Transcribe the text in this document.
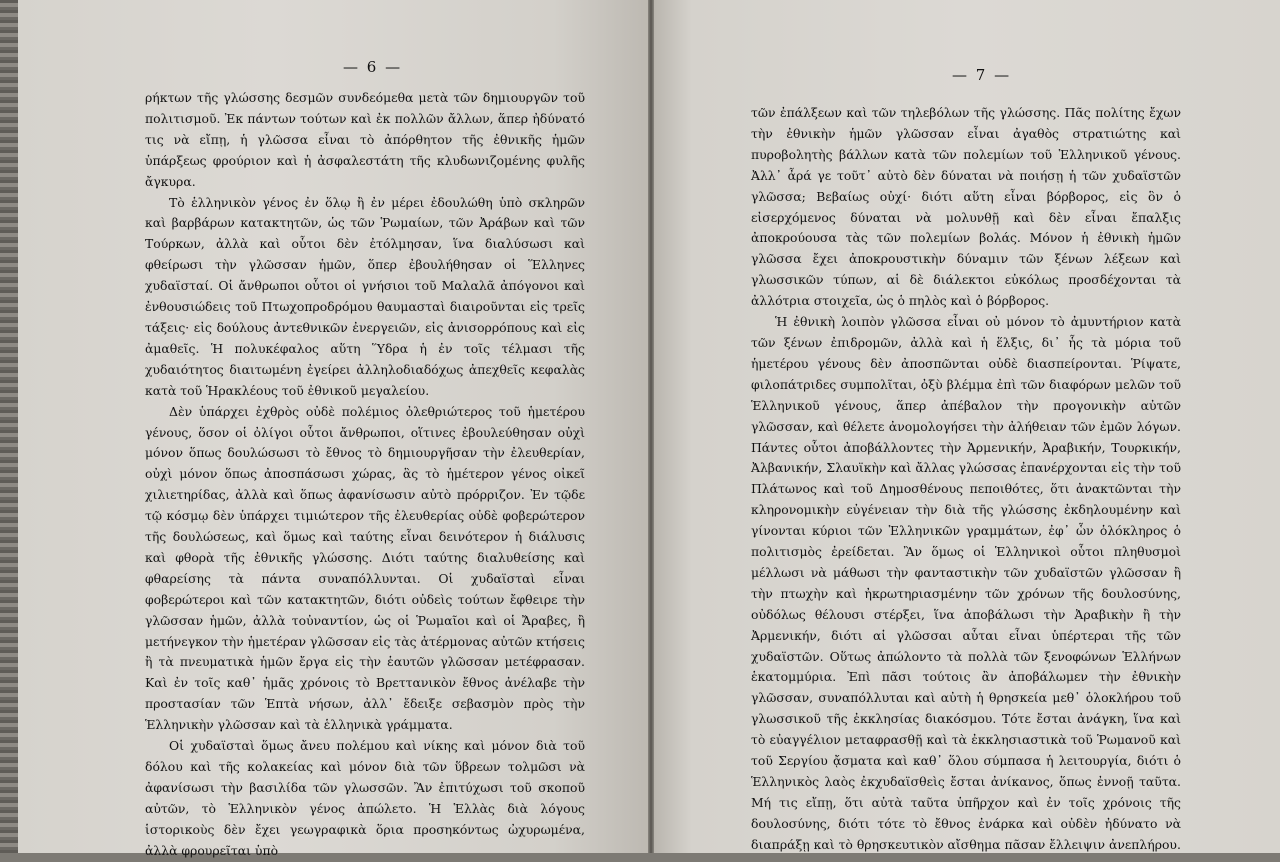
— 6 —

ρήκτων τῆς γλώσσης δεσμῶν συνδεόμεθα μετὰ τῶν δημιουργῶν τοῦ πολιτισμοῦ. Ἐκ πάντων τούτων καὶ ἐκ πολλῶν ἄλλων, ἅπερ ἠδύνατό τις νὰ εἴπῃ, ἡ γλῶσσα εἶναι τὸ ἀπόρθητον τῆς ἐθνικῆς ἡμῶν ὑπάρξεως φρούριον καὶ ἡ ἀσφαλεστάτη τῆς κλυδωνιζομένης φυλῆς ἄγκυρα.

Τὸ ἑλληνικὸν γένος ἐν ὅλῳ ἢ ἐν μέρει ἐδουλώθη ὑπὸ σκληρῶν καὶ βαρβάρων κατακτητῶν, ὡς τῶν Ῥωμαίων, τῶν Ἀράβων καὶ τῶν Τούρκων, ἀλλὰ καὶ οὗτοι δὲν ἐτόλμησαν, ἵνα διαλύσωσι καὶ φθείρωσι τὴν γλῶσσαν ἡμῶν, ὅπερ ἐβουλήθησαν οἱ Ἕλληνες χυδαϊσταί. Οἱ ἄνθρωποι οὗτοι οἱ γνήσιοι τοῦ Μαλαλᾶ ἀπόγονοι καὶ ἐνθουσιώδεις τοῦ Πτωχοπροδρόμου θαυμασταὶ διαιροῦνται εἰς τρεῖς τάξεις· εἰς δούλους ἀντεθνικῶν ἐνεργειῶν, εἰς ἀνισορρόπους καὶ εἰς ἀμαθεῖς. Ἡ πολυκέφαλος αὕτη Ὕδρα ἡ ἐν τοῖς τέλμασι τῆς χυδαιότητος διαιτωμένη ἐγείρει ἀλληλοδιαδόχως ἀπεχθεῖς κεφαλὰς κατὰ τοῦ Ἡρακλέους τοῦ ἐθνικοῦ μεγαλείου.

Δὲν ὑπάρχει ἐχθρὸς οὐδὲ πολέμιος ὀλεθριώτερος τοῦ ἡμετέρου γένους, ὅσον οἱ ὀλίγοι οὗτοι ἄνθρωποι, οἵτινες ἐβουλεύθησαν οὐχὶ μόνον ὅπως δουλώσωσι τὸ ἔθνος τὸ δημιουργῆσαν τὴν ἐλευθερίαν, οὐχὶ μόνον ὅπως ἀποσπάσωσι χώρας, ἃς τὸ ἡμέτερον γένος οἰκεῖ χιλιετηρίδας, ἀλλὰ καὶ ὅπως ἀφανίσωσιν αὐτὸ πρόρριζον. Ἐν τῷδε τῷ κόσμῳ δὲν ὑπάρχει τιμιώτερον τῆς ἐλευθερίας οὐδὲ φοβερώτερον τῆς δουλώσεως, καὶ ὅμως καὶ ταύτης εἶναι δεινότερον ἡ διάλυσις καὶ φθορὰ τῆς ἐθνικῆς γλώσσης. Διότι ταύτης διαλυθείσης καὶ φθαρείσης τὰ πάντα συναπόλλυνται. Οἱ χυδαϊσταὶ εἶναι φοβερώτεροι καὶ τῶν κατακτητῶν, διότι οὐδεὶς τούτων ἔφθειρε τὴν γλῶσσαν ἡμῶν, ἀλλὰ τοὐναντίον, ὡς οἱ Ῥωμαῖοι καὶ οἱ Ἄραβες, ἢ μετήνεγκον τὴν ἡμετέραν γλῶσσαν εἰς τὰς ἀτέρμονας αὐτῶν κτήσεις ἢ τὰ πνευματικὰ ἡμῶν ἔργα εἰς τὴν ἑαυτῶν γλῶσσαν μετέφρασαν. Καὶ ἐν τοῖς καθ᾽ ἡμᾶς χρόνοις τὸ Βρεττανικὸν ἔθνος ἀνέλαβε τὴν προστασίαν τῶν Ἑπτὰ νήσων, ἀλλ᾽ ἔδειξε σεβασμὸν πρὸς τὴν Ἑλληνικὴν γλῶσσαν καὶ τὰ ἑλληνικὰ γράμματα.

Οἱ χυδαϊσταὶ ὅμως ἄνευ πολέμου καὶ νίκης καὶ μόνον διὰ τοῦ δόλου καὶ τῆς κολακείας καὶ μόνον διὰ τῶν ὕβρεων τολμῶσι νὰ ἀφανίσωσι τὴν βασιλίδα τῶν γλωσσῶν. Ἂν ἐπιτύχωσι τοῦ σκοποῦ αὐτῶν, τὸ Ἑλληνικὸν γένος ἀπώλετο. Ἡ Ἑλλὰς διὰ λόγους ἱστορικοὺς δὲν ἔχει γεωγραφικὰ ὅρια προσηκόντως ὠχυρωμένα, ἀλλὰ φρουρεῖται ὑπὸ

— 7 —

τῶν ἐπάλξεων καὶ τῶν τηλεβόλων τῆς γλώσσης. Πᾶς πολίτης ἔχων τὴν ἐθνικὴν ἡμῶν γλῶσσαν εἶναι ἀγαθὸς στρατιώτης καὶ πυροβολητὴς βάλλων κατὰ τῶν πολεμίων τοῦ Ἑλληνικοῦ γένους. Ἀλλ᾽ ἆρά γε τοῦτ᾽ αὐτὸ δὲν δύναται νὰ ποιήσῃ ἡ τῶν χυδαϊστῶν γλῶσσα; Βεβαίως οὐχί· διότι αὕτη εἶναι βόρβορος, εἰς ὃν ὁ εἰσερχόμενος δύναται νὰ μολυνθῇ καὶ δὲν εἶναι ἔπαλξις ἀποκρούουσα τὰς τῶν πολεμίων βολάς. Μόνον ἡ ἐθνικὴ ἡμῶν γλῶσσα ἔχει ἀποκρουστικὴν δύναμιν τῶν ξένων λέξεων καὶ γλωσσικῶν τύπων, αἱ δὲ διάλεκτοι εὐκόλως προσδέχονται τὰ ἀλλότρια στοιχεῖα, ὡς ὁ πηλὸς καὶ ὁ βόρβορος.

Ἡ ἐθνικὴ λοιπὸν γλῶσσα εἶναι οὐ μόνον τὸ ἀμυντήριον κατὰ τῶν ξένων ἐπιδρομῶν, ἀλλὰ καὶ ἡ ἕλξις, δι᾽ ἧς τὰ μόρια τοῦ ἡμετέρου γένους δὲν ἀποσπῶνται οὐδὲ διασπείρονται. Ῥίψατε, φιλοπάτριδες συμπολῖται, ὀξὺ βλέμμα ἐπὶ τῶν διαφόρων μελῶν τοῦ Ἑλληνικοῦ γένους, ἅπερ ἀπέβαλον τὴν προγονικὴν αὐτῶν γλῶσσαν, καὶ θέλετε ἀνομολογήσει τὴν ἀλήθειαν τῶν ἐμῶν λόγων. Πάντες οὗτοι ἀποβάλλοντες τὴν Ἀρμενικήν, Ἀραβικήν, Τουρκικήν, Ἀλβανικήν, Σλαυϊκὴν καὶ ἄλλας γλώσσας ἐπανέρχονται εἰς τὴν τοῦ Πλάτωνος καὶ τοῦ Δημοσθένους πεποιθότες, ὅτι ἀνακτῶνται τὴν κληρονομικὴν εὐγένειαν τὴν διὰ τῆς γλώσσης ἐκδηλουμένην καὶ γίνονται κύριοι τῶν Ἑλληνικῶν γραμμάτων, ἐφ᾽ ὧν ὁλόκληρος ὁ πολιτισμὸς ἐρείδεται. Ἂν ὅμως οἱ Ἑλληνικοὶ οὗτοι πληθυσμοὶ μέλλωσι νὰ μάθωσι τὴν φανταστικὴν τῶν χυδαϊστῶν γλῶσσαν ἢ τὴν πτωχὴν καὶ ἠκρωτηριασμένην τῶν χρόνων τῆς δουλοσύνης, οὐδόλως θέλουσι στέρξει, ἵνα ἀποβάλωσι τὴν Ἀραβικὴν ἢ τὴν Ἀρμενικήν, διότι αἱ γλῶσσαι αὗται εἶναι ὑπέρτεραι τῆς τῶν χυδαϊστῶν. Οὕτως ἀπώλοντο τὰ πολλὰ τῶν ξενοφώνων Ἑλλήνων ἑκατομμύρια. Ἐπὶ πᾶσι τούτοις ἂν ἀποβάλωμεν τὴν ἐθνικὴν γλῶσσαν, συναπόλλυται καὶ αὐτὴ ἡ θρησκεία μεθ᾽ ὁλοκλήρου τοῦ γλωσσικοῦ τῆς ἐκκλησίας διακόσμου. Τότε ἔσται ἀνάγκη, ἵνα καὶ τὸ εὐαγγέλιον μεταφρασθῇ καὶ τὰ ἐκκλησιαστικὰ τοῦ Ῥωμανοῦ καὶ τοῦ Σεργίου ᾄσματα καὶ καθ᾽ ὅλου σύμπασα ἡ λειτουργία, διότι ὁ Ἑλληνικὸς λαὸς ἐκχυδαϊσθεὶς ἔσται ἀνίκανος, ὅπως ἐννοῇ ταῦτα. Μή τις εἴπῃ, ὅτι αὐτὰ ταῦτα ὑπῆρχον καὶ ἐν τοῖς χρόνοις τῆς δουλοσύνης, διότι τότε τὸ ἔθνος ἐνάρκα καὶ οὐδὲν ἠδύνατο νὰ διαπράξῃ καὶ τὸ θρησκευτικὸν αἴσθημα πᾶσαν ἔλλειψιν ἀνεπλήρου.
